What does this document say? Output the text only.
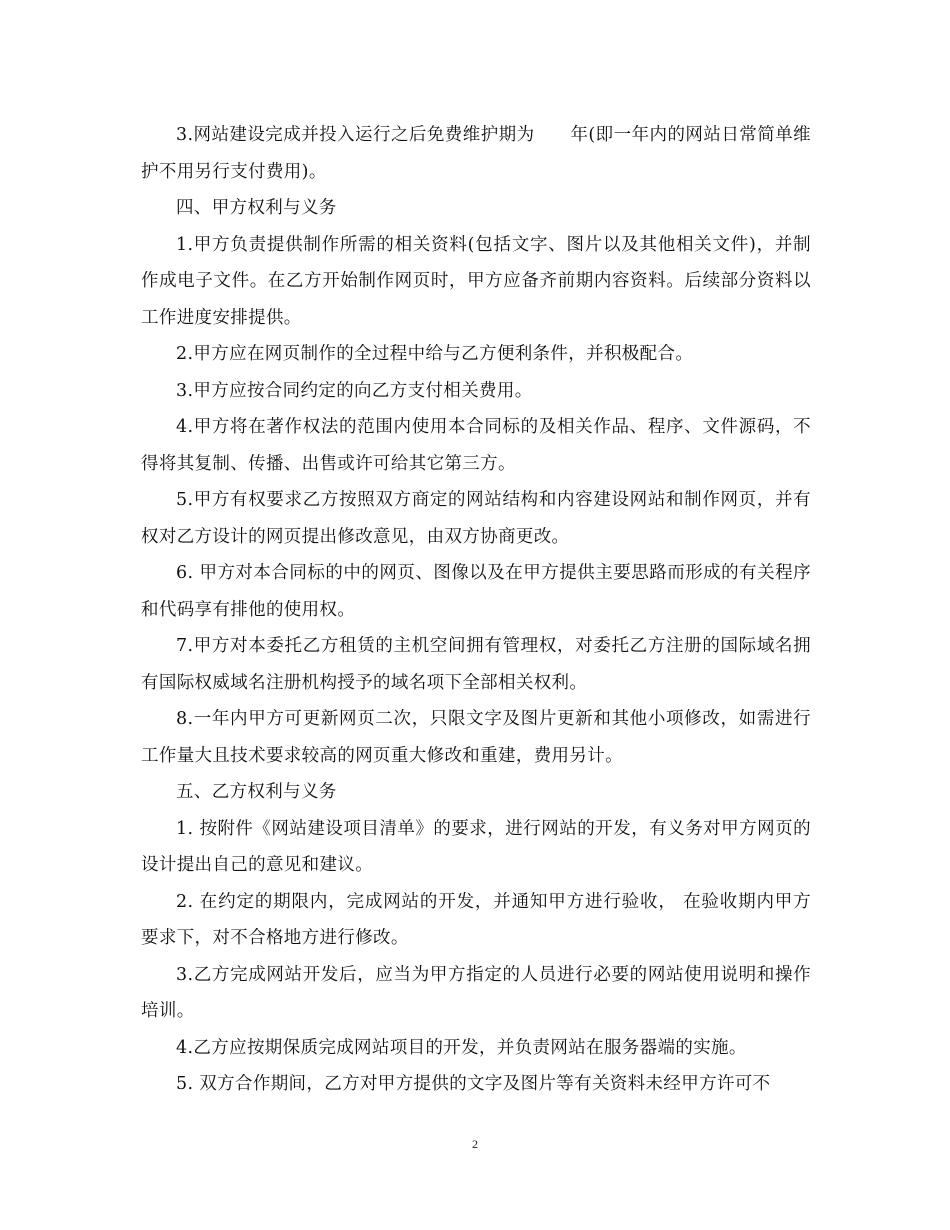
3.网站建设完成并投入运行之后免费维护期为　　年(即一年内的网站日常简单维护不用另行支付费用)。

四、甲方权利与义务

1.甲方负责提供制作所需的相关资料(包括文字、图片以及其他相关文件)，并制作成电子文件。在乙方开始制作网页时，甲方应备齐前期内容资料。后续部分资料以工作进度安排提供。

2.甲方应在网页制作的全过程中给与乙方便利条件，并积极配合。

3.甲方应按合同约定的向乙方支付相关费用。

4.甲方将在著作权法的范围内使用本合同标的及相关作品、程序、文件源码，不得将其复制、传播、出售或许可给其它第三方。

5.甲方有权要求乙方按照双方商定的网站结构和内容建设网站和制作网页，并有权对乙方设计的网页提出修改意见，由双方协商更改。

6. 甲方对本合同标的中的网页、图像以及在甲方提供主要思路而形成的有关程序和代码享有排他的使用权。

7.甲方对本委托乙方租赁的主机空间拥有管理权，对委托乙方注册的国际域名拥有国际权威域名注册机构授予的域名项下全部相关权利。

8.一年内甲方可更新网页二次，只限文字及图片更新和其他小项修改，如需进行工作量大且技术要求较高的网页重大修改和重建，费用另计。

五、乙方权利与义务

1. 按附件《网站建设项目清单》的要求，进行网站的开发，有义务对甲方网页的设计提出自己的意见和建议。

2. 在约定的期限内，完成网站的开发，并通知甲方进行验收， 在验收期内甲方要求下，对不合格地方进行修改。

3.乙方完成网站开发后，应当为甲方指定的人员进行必要的网站使用说明和操作培训。

4.乙方应按期保质完成网站项目的开发，并负责网站在服务器端的实施。

5. 双方合作期间，乙方对甲方提供的文字及图片等有关资料未经甲方许可不

2
